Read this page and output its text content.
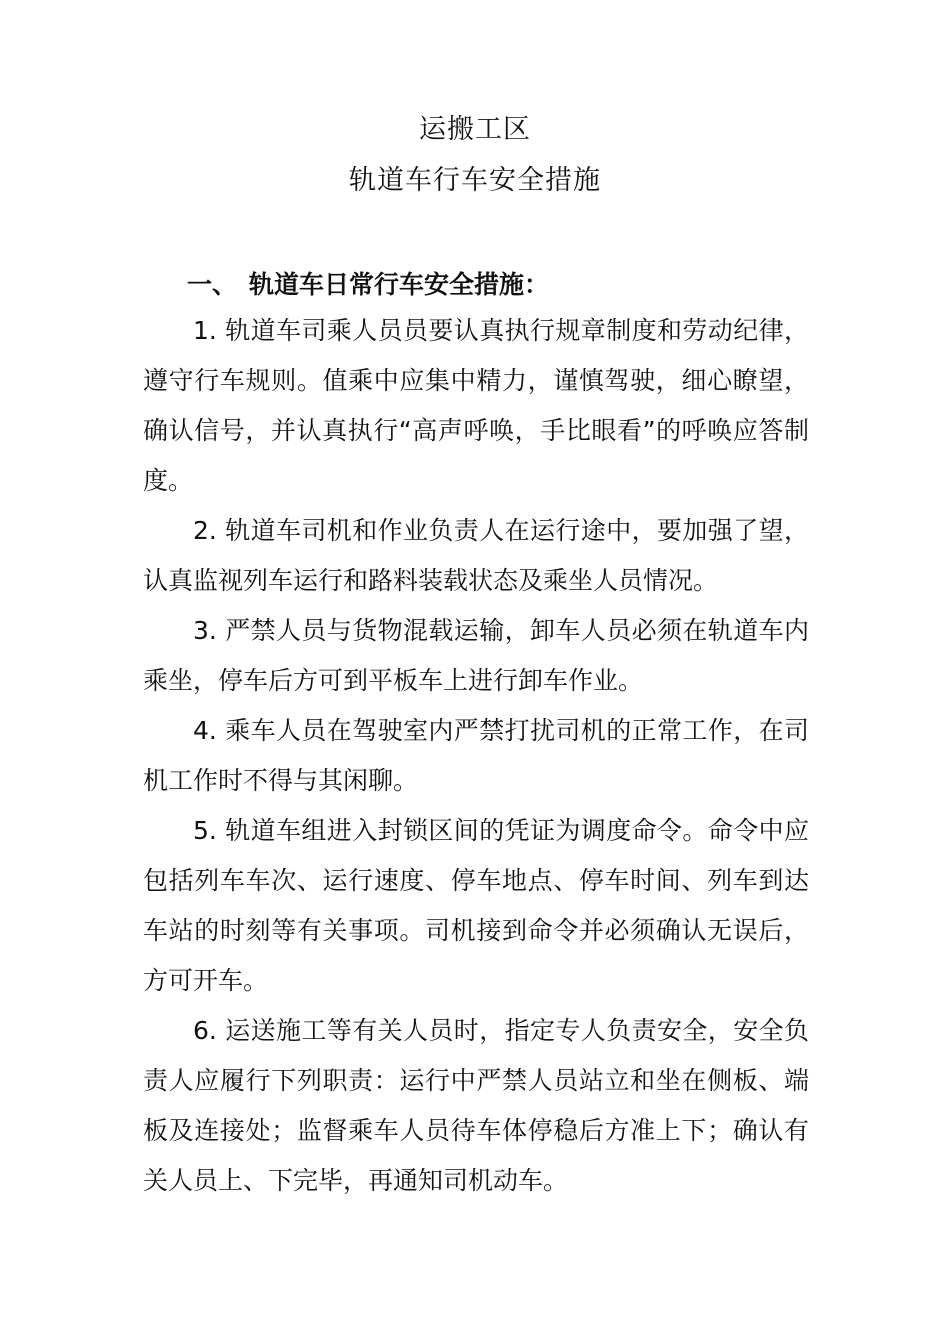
运搬工区
轨道车行车安全措施
一、 轨道车日常行车安全措施：

1. 轨道车司乘人员员要认真执行规章制度和劳动纪律，遵守行车规则。值乘中应集中精力，谨慎驾驶，细心瞭望，确认信号，并认真执行“高声呼唤，手比眼看”的呼唤应答制度。

2. 轨道车司机和作业负责人在运行途中，要加强了望，认真监视列车运行和路料装载状态及乘坐人员情况。

3. 严禁人员与货物混载运输，卸车人员必须在轨道车内乘坐，停车后方可到平板车上进行卸车作业。

4. 乘车人员在驾驶室内严禁打扰司机的正常工作，在司机工作时不得与其闲聊。

5. 轨道车组进入封锁区间的凭证为调度命令。命令中应包括列车车次、运行速度、停车地点、停车时间、列车到达车站的时刻等有关事项。司机接到命令并必须确认无误后，方可开车。

6. 运送施工等有关人员时，指定专人负责安全，安全负责人应履行下列职责：运行中严禁人员站立和坐在侧板、端板及连接处；监督乘车人员待车体停稳后方准上下；确认有关人员上、下完毕，再通知司机动车。
